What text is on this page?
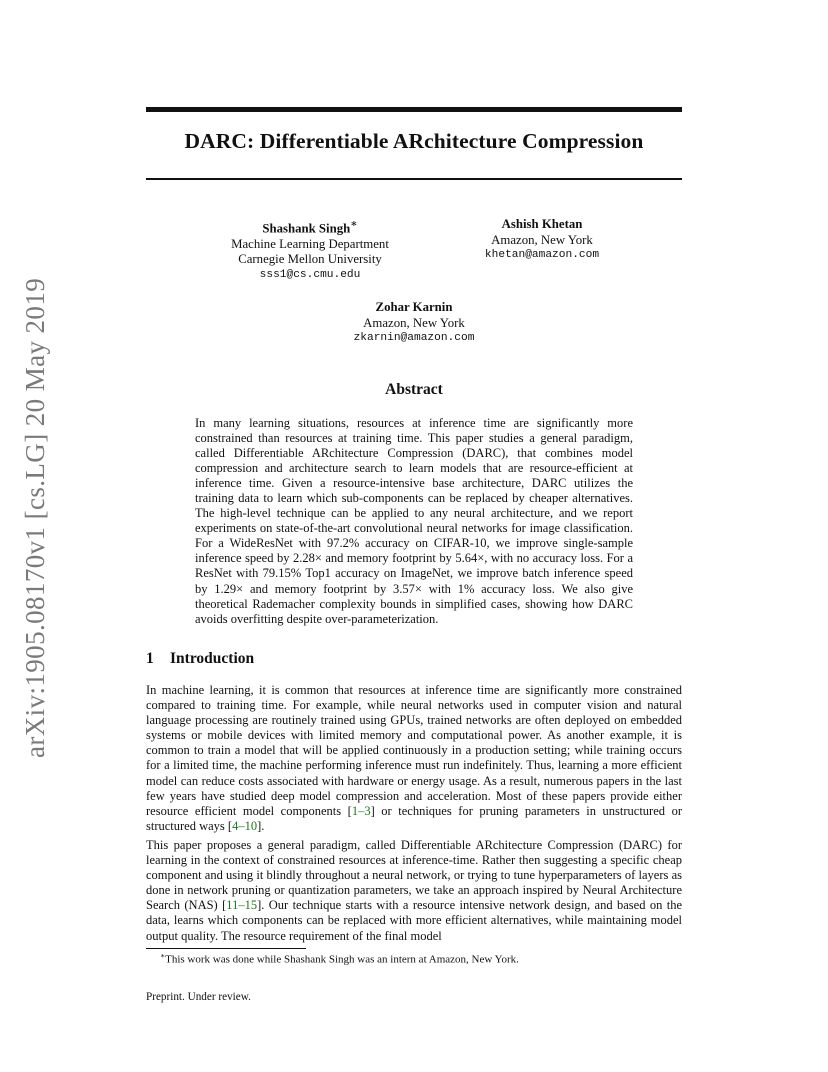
arXiv:1905.08170v1 [cs.LG] 20 May 2019
DARC: Differentiable ARchitecture Compression
Shashank Singh∗
Machine Learning Department
Carnegie Mellon University
sss1@cs.cmu.edu
Ashish Khetan
Amazon, New York
khetan@amazon.com
Zohar Karnin
Amazon, New York
zkarnin@amazon.com
Abstract

In many learning situations, resources at inference time are significantly more constrained than resources at training time. This paper studies a general paradigm, called Differentiable ARchitecture Compression (DARC), that combines model compression and architecture search to learn models that are resource-efficient at inference time. Given a resource-intensive base architecture, DARC utilizes the training data to learn which sub-components can be replaced by cheaper alternatives. The high-level technique can be applied to any neural architecture, and we report experiments on state-of-the-art convolutional neural networks for image classification. For a WideResNet with 97.2% accuracy on CIFAR-10, we improve single-sample inference speed by 2.28× and memory footprint by 5.64×, with no accuracy loss. For a ResNet with 79.15% Top1 accuracy on ImageNet, we improve batch inference speed by 1.29× and memory footprint by 3.57× with 1% accuracy loss. We also give theoretical Rademacher complexity bounds in simplified cases, showing how DARC avoids overfitting despite over-parameterization.

1 Introduction

In machine learning, it is common that resources at inference time are significantly more constrained compared to training time. For example, while neural networks used in computer vision and natural language processing are routinely trained using GPUs, trained networks are often deployed on embedded systems or mobile devices with limited memory and computational power. As another example, it is common to train a model that will be applied continuously in a production setting; while training occurs for a limited time, the machine performing inference must run indefinitely. Thus, learning a more efficient model can reduce costs associated with hardware or energy usage. As a result, numerous papers in the last few years have studied deep model compression and acceleration. Most of these papers provide either resource efficient model components [1–3] or techniques for pruning parameters in unstructured or structured ways [4–10].

This paper proposes a general paradigm, called Differentiable ARchitecture Compression (DARC) for learning in the context of constrained resources at inference-time. Rather then suggesting a specific cheap component and using it blindly throughout a neural network, or trying to tune hyperparameters of layers as done in network pruning or quantization parameters, we take an approach inspired by Neural Architecture Search (NAS) [11–15]. Our technique starts with a resource intensive network design, and based on the data, learns which components can be replaced with more efficient alternatives, while maintaining model output quality. The resource requirement of the final model

∗This work was done while Shashank Singh was an intern at Amazon, New York.

Preprint. Under review.
